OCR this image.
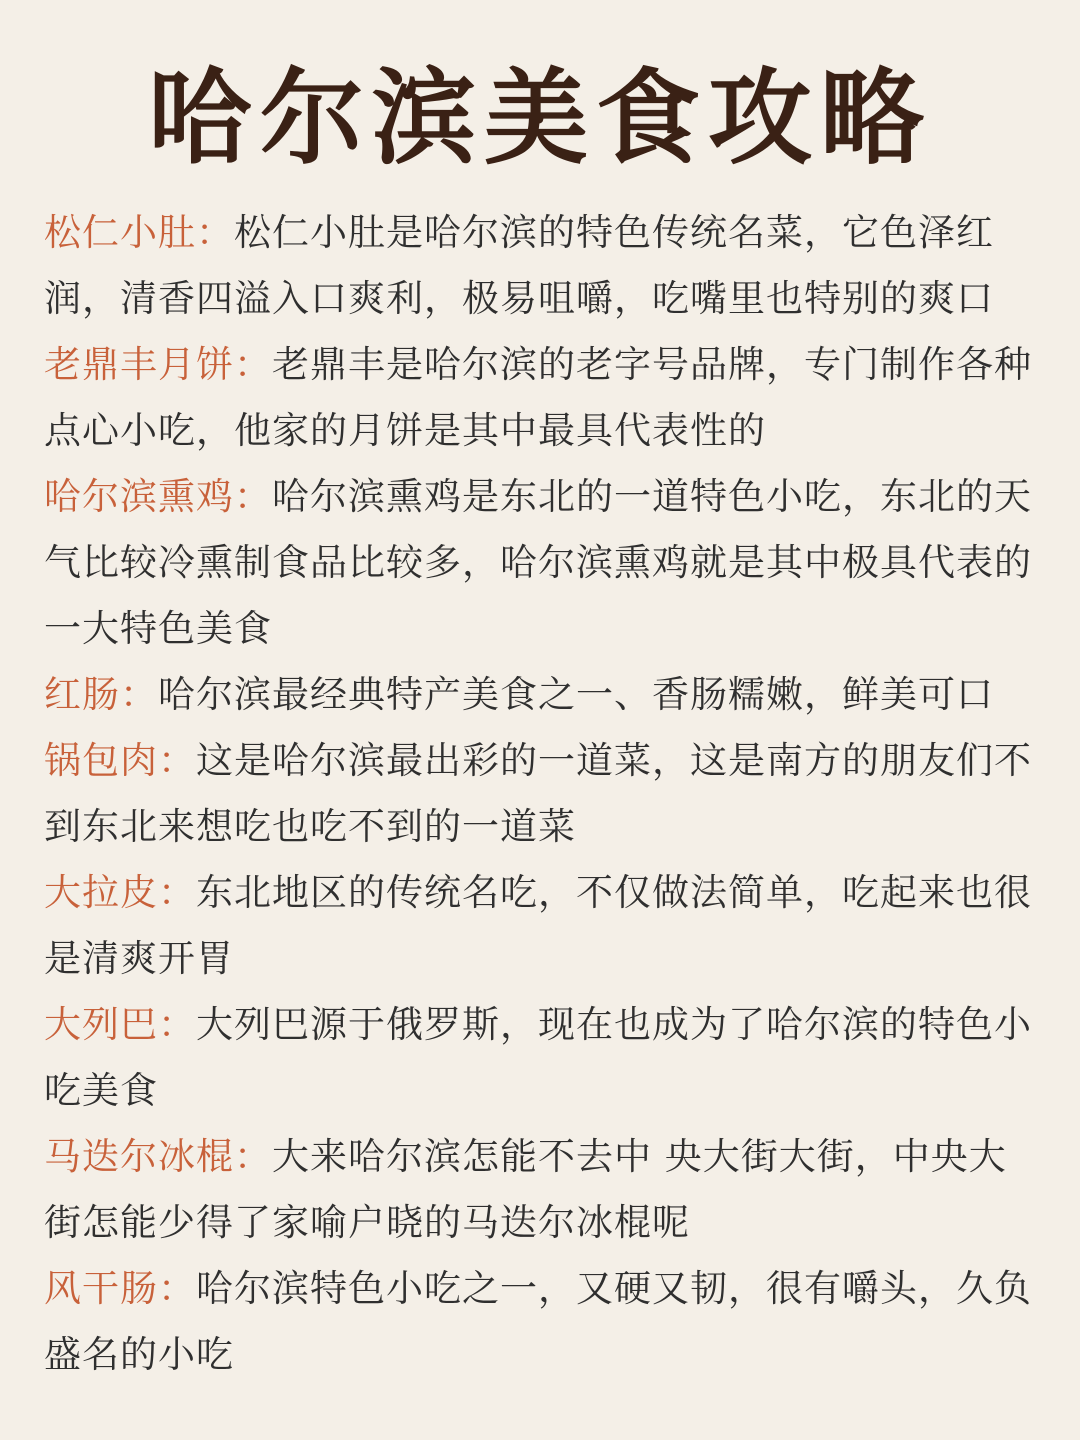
哈尔滨美食攻略

松仁小肚：松仁小肚是哈尔滨的特色传统名菜，它色泽红润，清香四溢入口爽利，极易咀嚼，吃嘴里也特别的爽口

老鼎丰月饼：老鼎丰是哈尔滨的老字号品牌，专门制作各种点心小吃，他家的月饼是其中最具代表性的

哈尔滨熏鸡：哈尔滨熏鸡是东北的一道特色小吃，东北的天气比较冷熏制食品比较多，哈尔滨熏鸡就是其中极具代表的一大特色美食

红肠：哈尔滨最经典特产美食之一、香肠糯嫩，鲜美可口

锅包肉：这是哈尔滨最出彩的一道菜，这是南方的朋友们不到东北来想吃也吃不到的一道菜

大拉皮：东北地区的传统名吃，不仅做法简单，吃起来也很是清爽开胃

大列巴：大列巴源于俄罗斯，现在也成为了哈尔滨的特色小吃美食

马迭尔冰棍：大来哈尔滨怎能不去中 央大街大街，中央大街怎能少得了家喻户晓的马迭尔冰棍呢

风干肠：哈尔滨特色小吃之一，又硬又韧，很有嚼头，久负盛名的小吃
